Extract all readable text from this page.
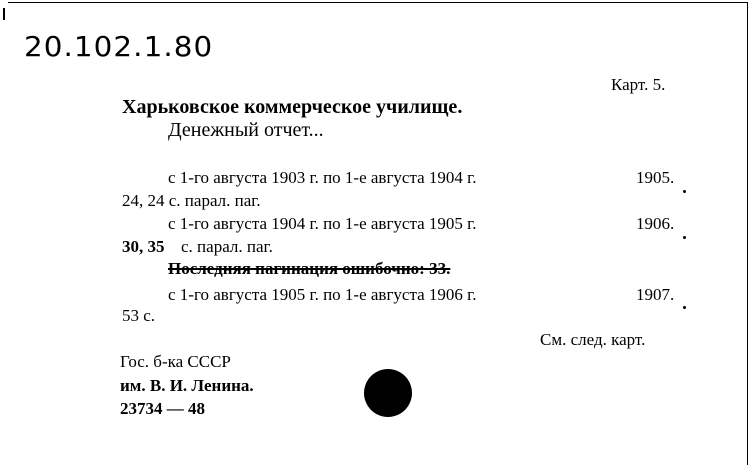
20.102.1.80
Карт. 5.
Харьковское коммерческое училище.
Денежный отчет...
с 1-го августа 1903 г. по 1-е августа 1904 г.	1905.
24, 24 с. парал. паг.
с 1-го августа 1904 г. по 1-е августа 1905 г.	1906.
30, 35 с. парал. паг.
Последняя пагинация ошибочно: 33.
с 1-го августа 1905 г. по 1-е августа 1906 г.	1907.
53 с.
См. след. карт.
Гос. б-ка СССР
им. В. И. Ленина.
23734 — 48
